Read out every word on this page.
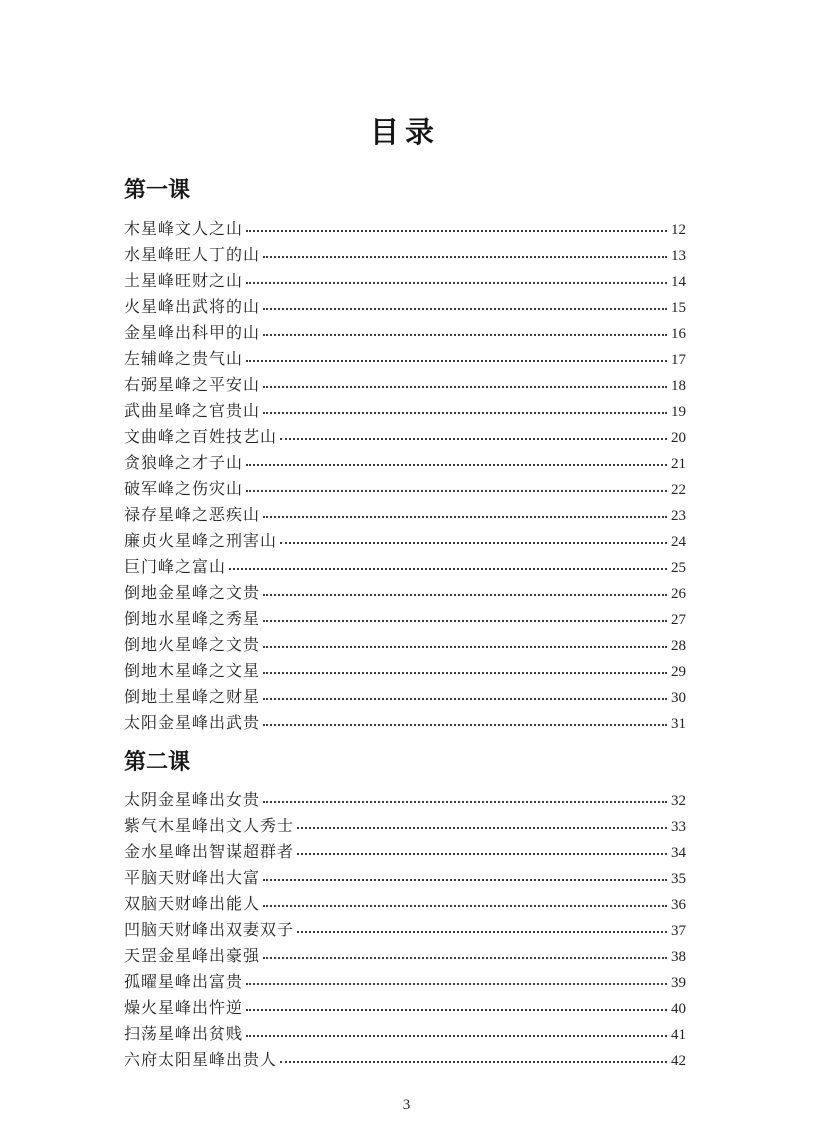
目录
第一课
木星峰文人之山	12
水星峰旺人丁的山	13
土星峰旺财之山	14
火星峰出武将的山	15
金星峰出科甲的山	16
左辅峰之贵气山	17
右弼星峰之平安山	18
武曲星峰之官贵山	19
文曲峰之百姓技艺山	20
贪狼峰之才子山	21
破军峰之伤灾山	22
禄存星峰之恶疾山	23
廉贞火星峰之刑害山	24
巨门峰之富山	25
倒地金星峰之文贵	26
倒地水星峰之秀星	27
倒地火星峰之文贵	28
倒地木星峰之文星	29
倒地土星峰之财星	30
太阳金星峰出武贵	31
第二课
太阴金星峰出女贵	32
紫气木星峰出文人秀士	33
金水星峰出智谋超群者	34
平脑天财峰出大富	35
双脑天财峰出能人	36
凹脑天财峰出双妻双子	37
天罡金星峰出豪强	38
孤曜星峰出富贵	39
燥火星峰出忤逆	40
扫荡星峰出贫贱	41
六府太阳星峰出贵人	42
3
